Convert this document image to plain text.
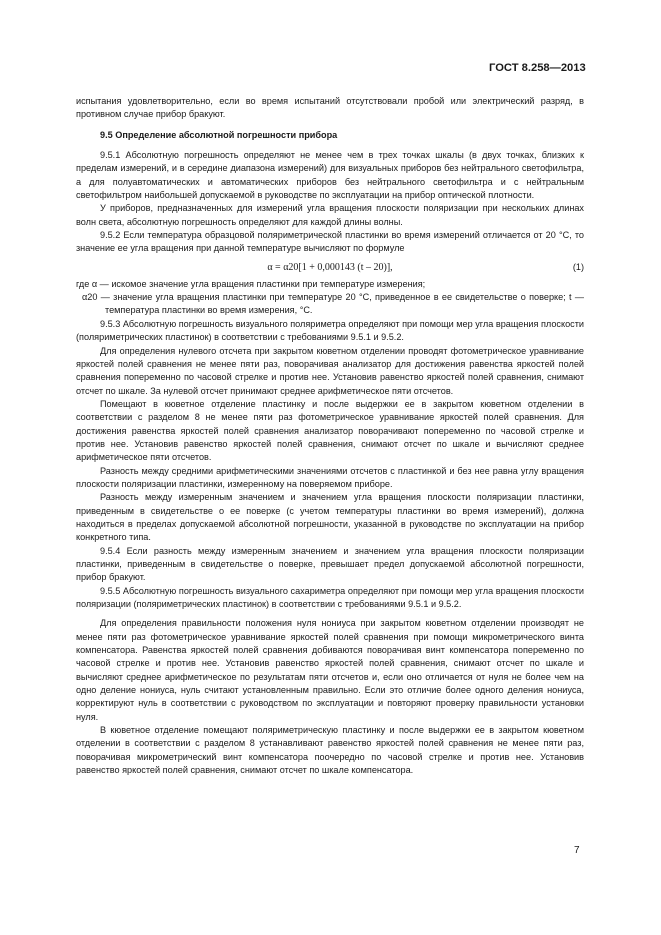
ГОСТ 8.258—2013

испытания удовлетворительно, если во время испытаний отсутствовали пробой или электрический разряд, в противном случае прибор бракуют.

9.5 Определение абсолютной погрешности прибора

9.5.1 Абсолютную погрешность определяют не менее чем в трех точках шкалы (в двух точках, близких к пределам измерений, и в середине диапазона измерений) для визуальных приборов без нейтрального светофильтра, а для полуавтоматических и автоматических приборов без нейтрального светофильтра и с нейтральным светофильтром наибольшей допускаемой в руководстве по эксплуатации на прибор оптической плотности.

У приборов, предназначенных для измерений угла вращения плоскости поляризации при нескольких длинах волн света, абсолютную погрешность определяют для каждой длины волны.

9.5.2 Если температура образцовой поляриметрической пластинки во время измерений отличается от 20 °С, то значение ее угла вращения при данной температуре вычисляют по формуле

α = α20[1 + 0,000143 (t – 20)],	(1)

где α — искомое значение угла вращения пластинки при температуре измерения;

α20 — значение угла вращения пластинки при температуре 20 °С, приведенное в ее свидетельстве о поверке; t — температура пластинки во время измерения, °С.

9.5.3 Абсолютную погрешность визуального поляриметра определяют при помощи мер угла вращения плоскости (поляриметрических пластинок) в соответствии с требованиями 9.5.1 и 9.5.2.

Для определения нулевого отсчета при закрытом кюветном отделении проводят фотометрическое уравнивание яркостей полей сравнения не менее пяти раз, поворачивая анализатор для достижения равенства яркостей полей сравнения попеременно по часовой стрелке и против нее. Установив равенство яркостей полей сравнения, снимают отсчет по шкале. За нулевой отсчет принимают среднее арифметическое пяти отсчетов.

Помещают в кюветное отделение пластинку и после выдержки ее в закрытом кюветном отделении в соответствии с разделом 8 не менее пяти раз фотометрическое уравнивание яркостей полей сравнения. Для достижения равенства яркостей полей сравнения анализатор поворачивают попеременно по часовой стрелке и против нее. Установив равенство яркостей полей сравнения, снимают отсчет по шкале и вычисляют среднее арифметическое пяти отсчетов.

Разность между средними арифметическими значениями отсчетов с пластинкой и без нее равна углу вращения плоскости поляризации пластинки, измеренному на поверяемом приборе.

Разность между измеренным значением и значением угла вращения плоскости поляризации пластинки, приведенным в свидетельстве о ее поверке (с учетом температуры пластинки во время измерений), должна находиться в пределах допускаемой абсолютной погрешности, указанной в руководстве по эксплуатации на прибор конкретного типа.

9.5.4 Если разность между измеренным значением и значением угла вращения плоскости поляризации пластинки, приведенным в свидетельстве о поверке, превышает предел допускаемой абсолютной погрешности, прибор бракуют.

9.5.5 Абсолютную погрешность визуального сахариметра определяют при помощи мер угла вращения плоскости поляризации (поляриметрических пластинок) в соответствии с требованиями 9.5.1 и 9.5.2.

Для определения правильности положения нуля нониуса при закрытом кюветном отделении производят не менее пяти раз фотометрическое уравнивание яркостей полей сравнения при помощи микрометрического винта компенсатора. Равенства яркостей полей сравнения добиваются поворачивая винт компенсатора попеременно по часовой стрелке и против нее. Установив равенство яркостей полей сравнения, снимают отсчет по шкале и вычисляют среднее арифметическое по результатам пяти отсчетов и, если оно отличается от нуля не более чем на одно деление нониуса, нуль считают установленным правильно. Если это отличие более одного деления нониуса, корректируют нуль в соответствии с руководством по эксплуатации и повторяют проверку правильности установки нуля.

В кюветное отделение помещают поляриметрическую пластинку и после выдержки ее в закрытом кюветном отделении в соответствии с разделом 8 устанавливают равенство яркостей полей сравнения не менее пяти раз, поворачивая микрометрический винт компенсатора поочередно по часовой стрелке и против нее. Установив равенство яркостей полей сравнения, снимают отсчет по шкале компенсатора.

7
